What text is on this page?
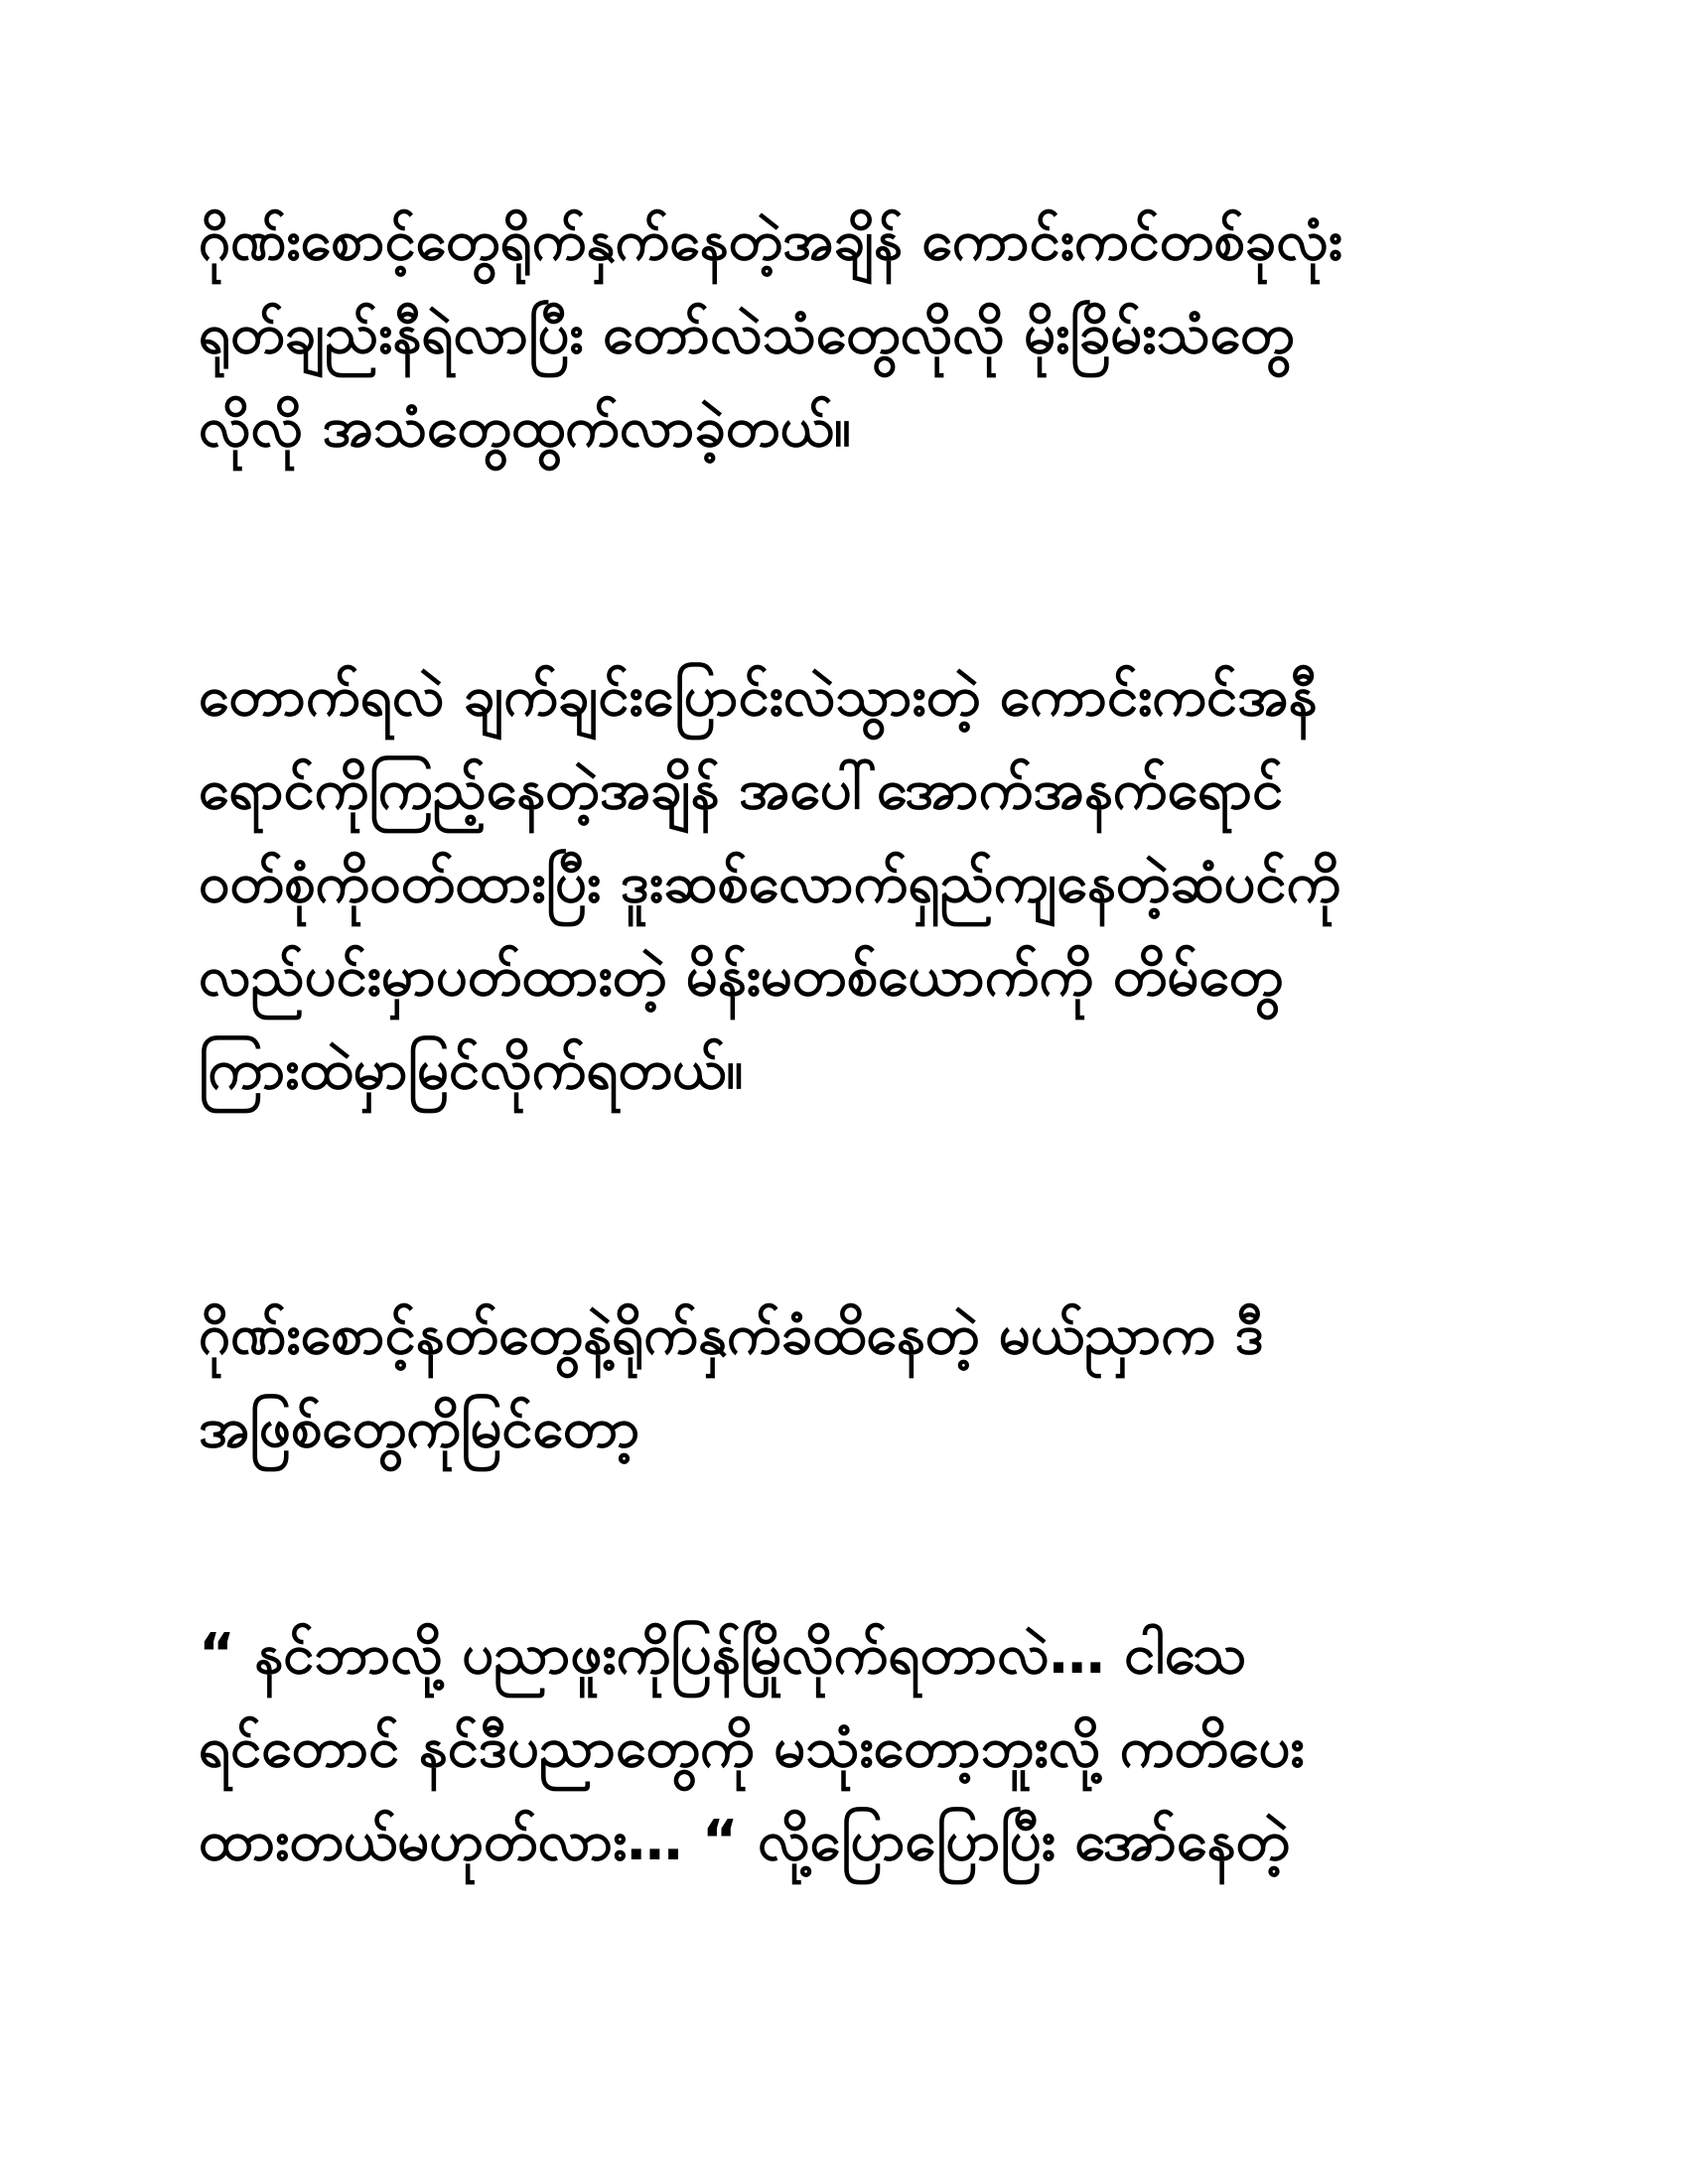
ဂိုဏ်းစောင့်တွေရိုက်နှက်နေတဲ့အချိန် ကောင်းကင်တစ်ခုလုံး
ရုတ်ချည်းနီရဲလာပြီး တော်လဲသံတွေလိုလို မိုးခြိမ်းသံတွေ
လိုလို အသံတွေထွက်လာခဲ့တယ်။
တောက်ရလဲ ချက်ချင်းပြောင်းလဲသွားတဲ့ ကောင်းကင်အနီ
ရောင်ကိုကြည့်နေတဲ့အချိန် အပေါ်အောက်အနက်ရောင်
ဝတ်စုံကိုဝတ်ထားပြီး ဒူးဆစ်လောက်ရှည်ကျနေတဲ့ဆံပင်ကို
လည်ပင်းမှာပတ်ထားတဲ့ မိန်းမတစ်ယောက်ကို တိမ်တွေ
ကြားထဲမှာမြင်လိုက်ရတယ်။
ဂိုဏ်းစောင့်နတ်တွေနဲ့ရိုက်နှက်ခံထိနေတဲ့ မယ်ညှာက ဒီ
အဖြစ်တွေကိုမြင်တော့
“ နင်ဘာလို့ ပညာဖူးကိုပြန်မြိုလိုက်ရတာလဲ… ငါသေ
ရင်တောင် နင်ဒီပညာတွေကို မသုံးတော့ဘူးလို့ ကတိပေး
ထားတယ်မဟုတ်လား… “ လို့ပြောပြောပြီး အော်နေတဲ့
